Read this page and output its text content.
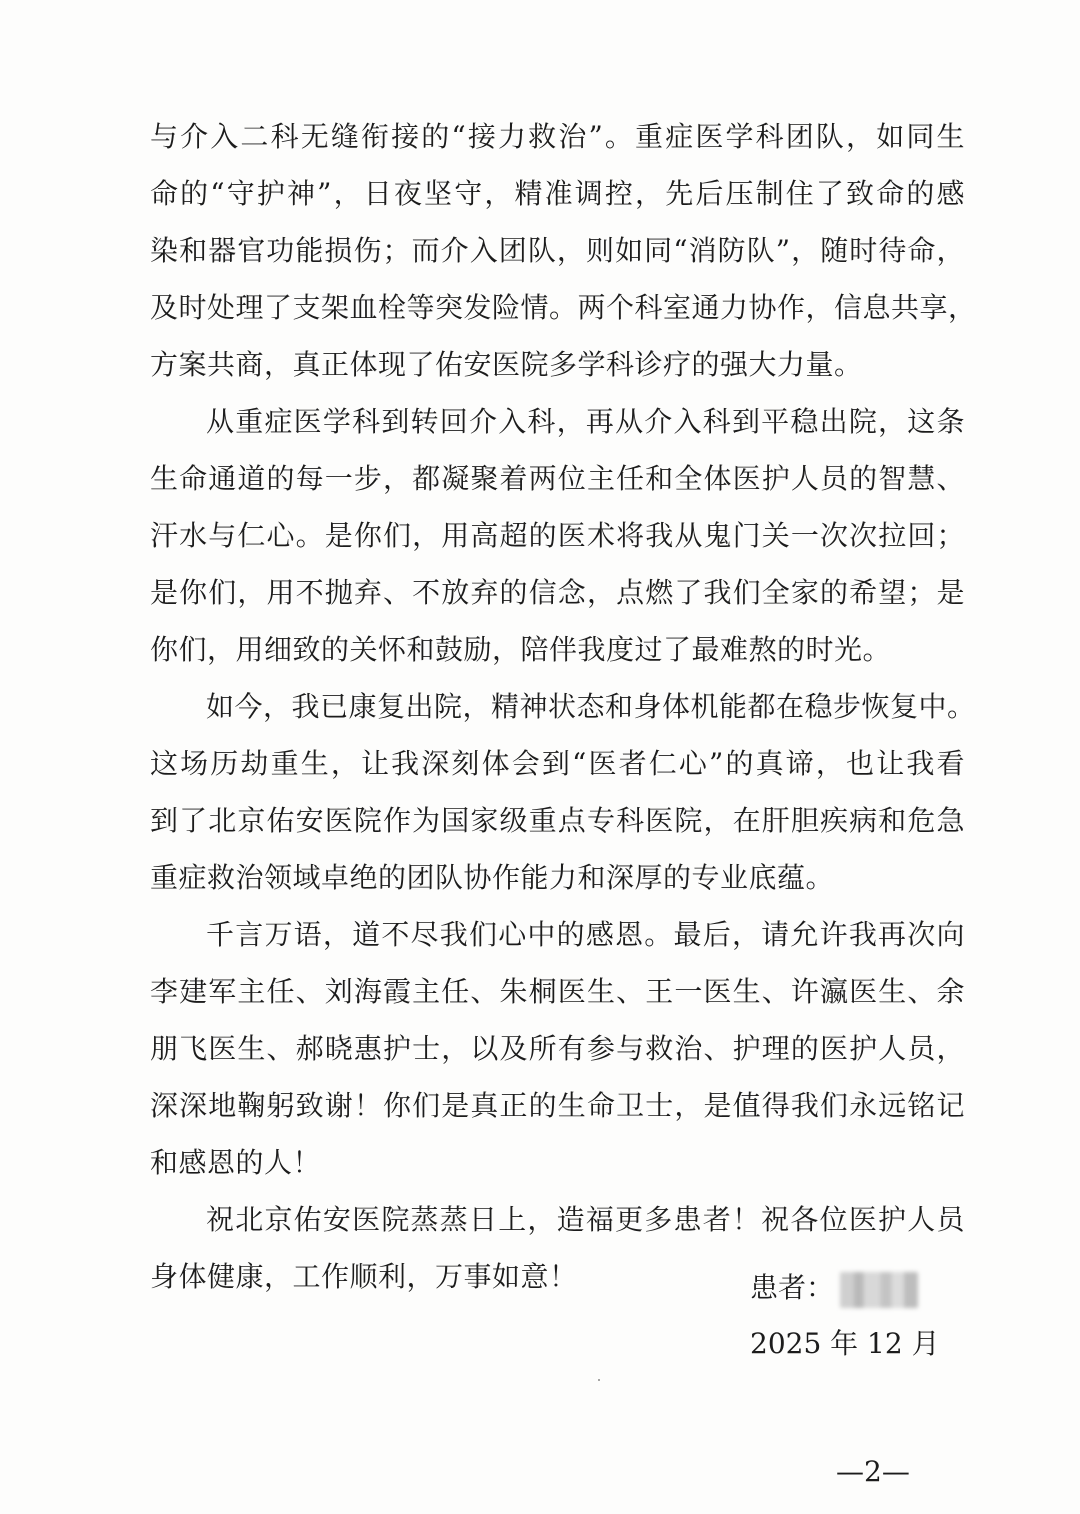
与介入二科无缝衔接的“接力救治”。重症医学科团队，如同生
命的“守护神”，日夜坚守，精准调控，先后压制住了致命的感
染和器官功能损伤；而介入团队，则如同“消防队”，随时待命，
及时处理了支架血栓等突发险情。两个科室通力协作，信息共享，
方案共商，真正体现了佑安医院多学科诊疗的强大力量。
从重症医学科到转回介入科，再从介入科到平稳出院，这条
生命通道的每一步，都凝聚着两位主任和全体医护人员的智慧、
汗水与仁心。是你们，用高超的医术将我从鬼门关一次次拉回；
是你们，用不抛弃、不放弃的信念，点燃了我们全家的希望；是
你们，用细致的关怀和鼓励，陪伴我度过了最难熬的时光。
如今，我已康复出院，精神状态和身体机能都在稳步恢复中。
这场历劫重生，让我深刻体会到“医者仁心”的真谛，也让我看
到了北京佑安医院作为国家级重点专科医院，在肝胆疾病和危急
重症救治领域卓绝的团队协作能力和深厚的专业底蕴。
千言万语，道不尽我们心中的感恩。最后，请允许我再次向
李建军主任、刘海霞主任、朱桐医生、王一医生、许瀛医生、余
朋飞医生、郝晓惠护士，以及所有参与救治、护理的医护人员，
深深地鞠躬致谢！你们是真正的生命卫士，是值得我们永远铭记
和感恩的人！
祝北京佑安医院蒸蒸日上，造福更多患者！祝各位医护人员
身体健康，工作顺利，万事如意！	患者：
2025 年 12 月
—2—
